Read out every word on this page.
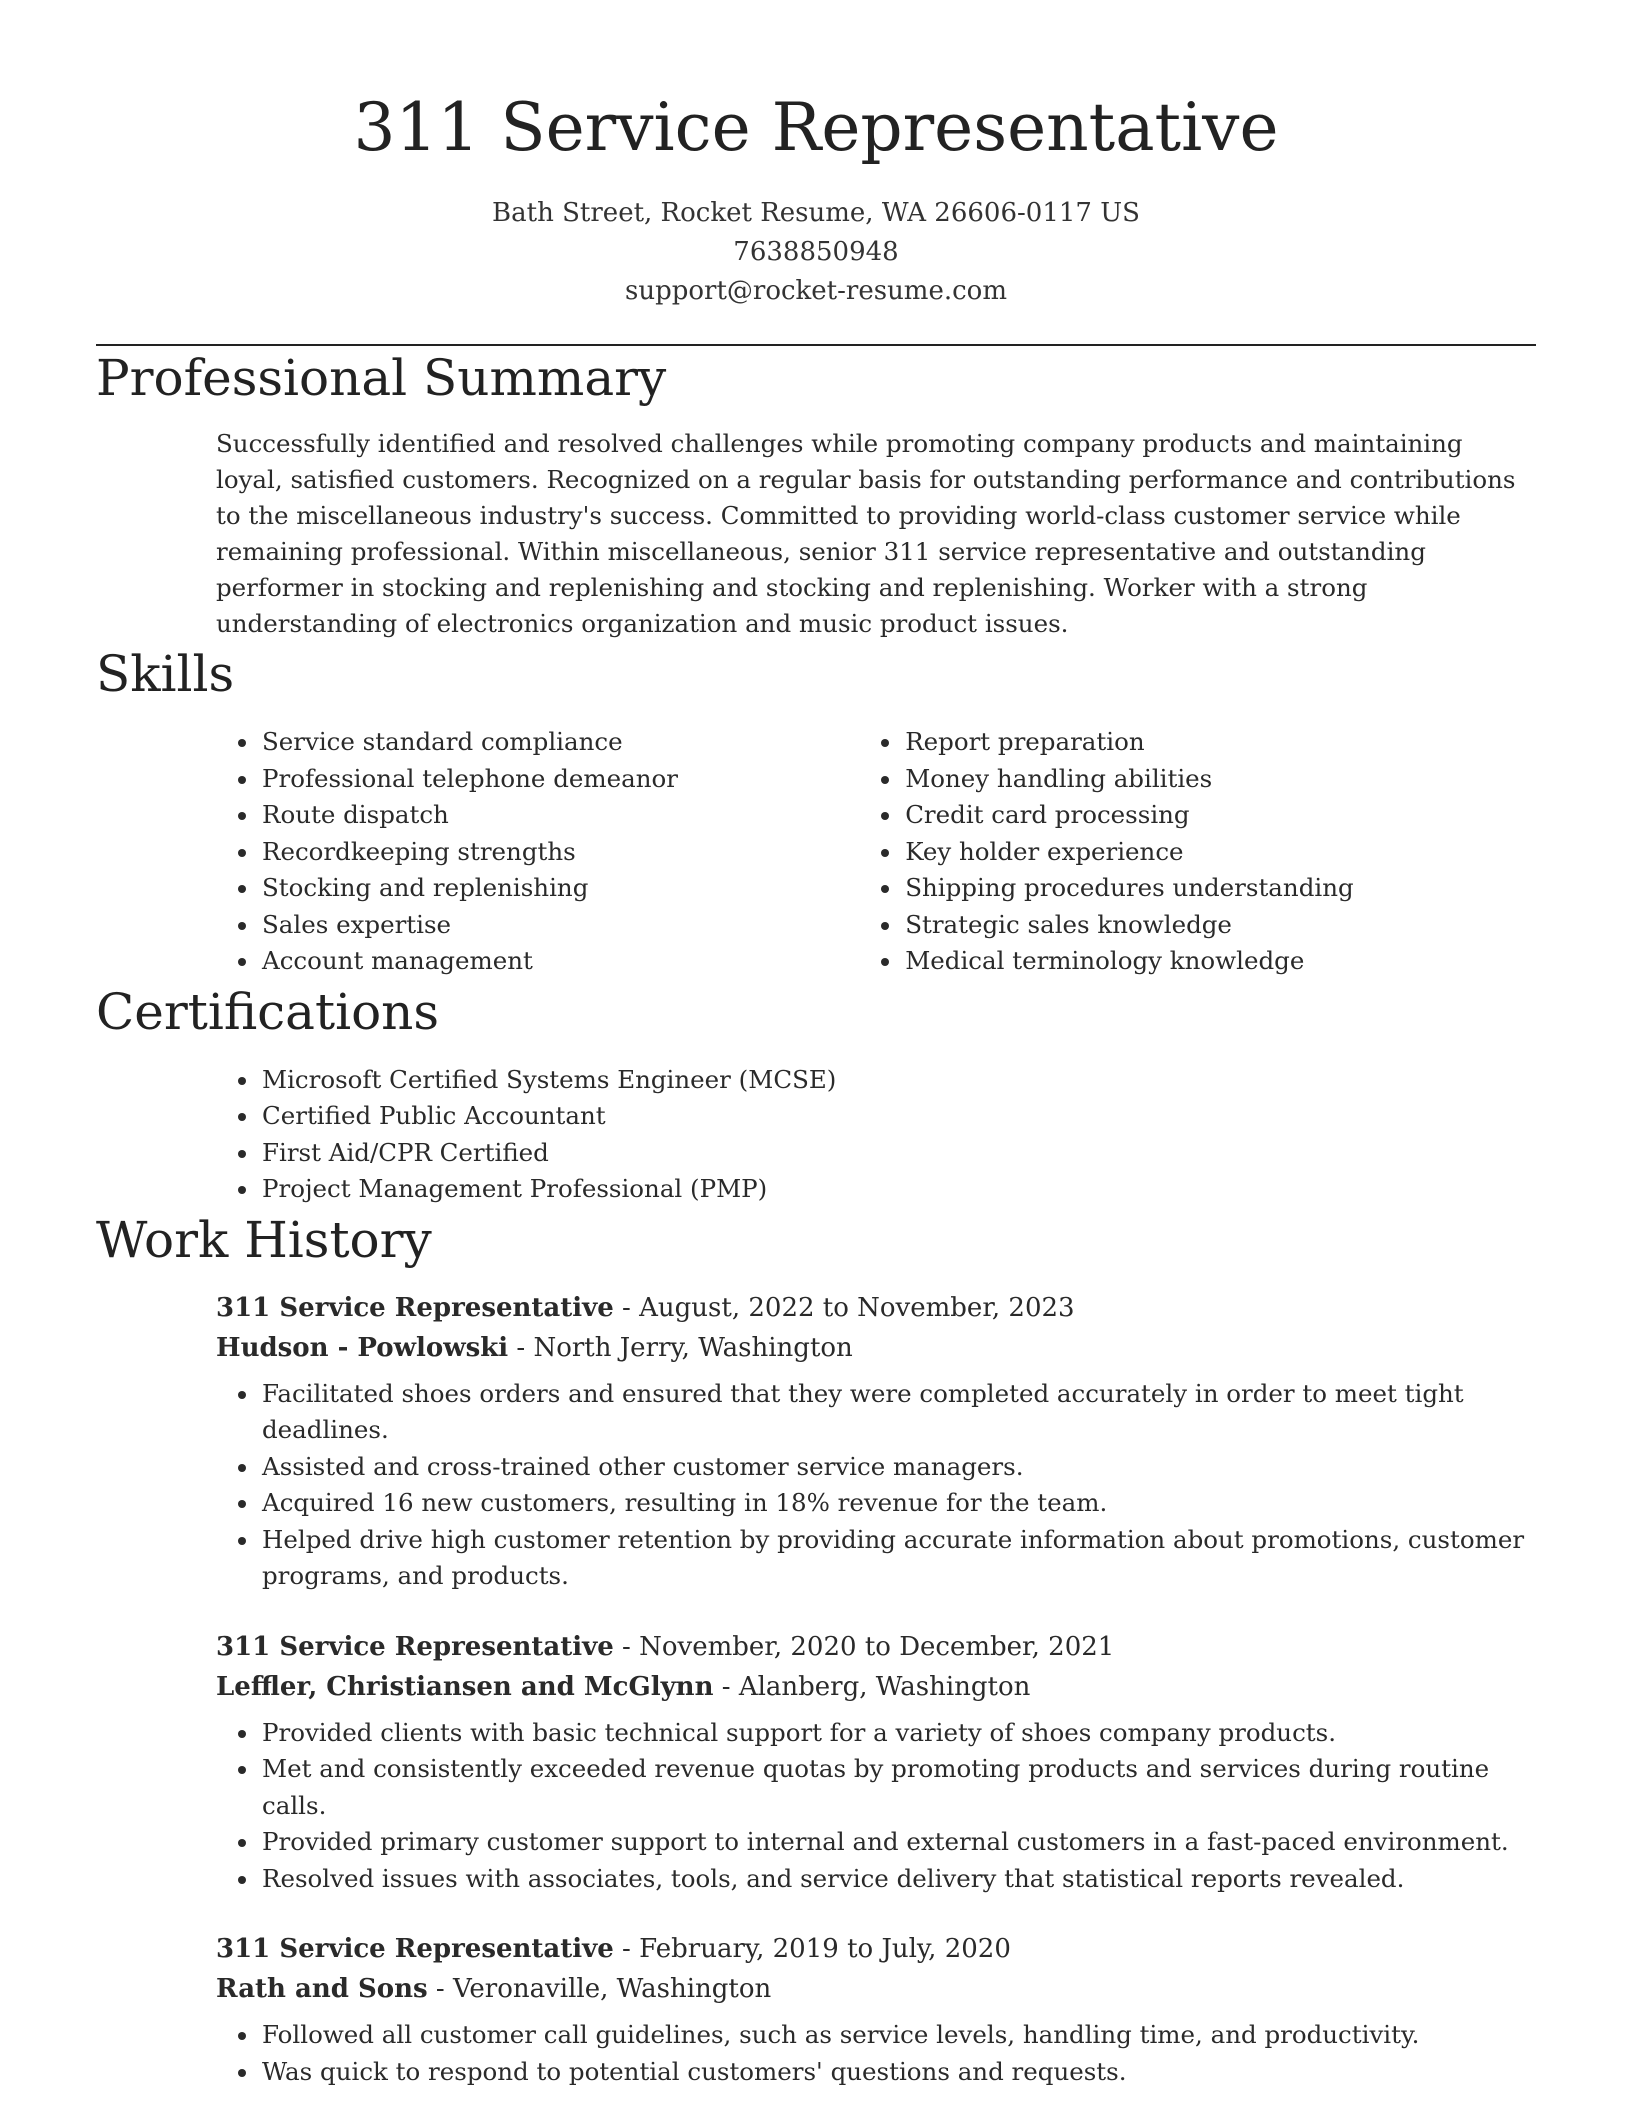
311 Service Representative
Bath Street, Rocket Resume, WA 26606-0117 US
7638850948
support@rocket-resume.com
Professional Summary

Successfully identified and resolved challenges while promoting company products and maintaining loyal, satisfied customers. Recognized on a regular basis for outstanding performance and contributions to the miscellaneous industry's success. Committed to providing world-class customer service while remaining professional. Within miscellaneous, senior 311 service representative and outstanding performer in stocking and replenishing and stocking and replenishing. Worker with a strong understanding of electronics organization and music product issues.

Skills
• Service standard compliance
• Professional telephone demeanor
• Route dispatch
• Recordkeeping strengths
• Stocking and replenishing
• Sales expertise
• Account management
• Report preparation
• Money handling abilities
• Credit card processing
• Key holder experience
• Shipping procedures understanding
• Strategic sales knowledge
• Medical terminology knowledge
Certifications
• Microsoft Certified Systems Engineer (MCSE)
• Certified Public Accountant
• First Aid/CPR Certified
• Project Management Professional (PMP)
Work History
311 Service Representative - August, 2022 to November, 2023
Hudson - Powlowski - North Jerry, Washington
• Facilitated shoes orders and ensured that they were completed accurately in order to meet tight deadlines.
• Assisted and cross-trained other customer service managers.
• Acquired 16 new customers, resulting in 18% revenue for the team.
• Helped drive high customer retention by providing accurate information about promotions, customer programs, and products.
311 Service Representative - November, 2020 to December, 2021
Leffler, Christiansen and McGlynn - Alanberg, Washington
• Provided clients with basic technical support for a variety of shoes company products.
• Met and consistently exceeded revenue quotas by promoting products and services during routine calls.
• Provided primary customer support to internal and external customers in a fast-paced environment.
• Resolved issues with associates, tools, and service delivery that statistical reports revealed.
311 Service Representative - February, 2019 to July, 2020
Rath and Sons - Veronaville, Washington
• Followed all customer call guidelines, such as service levels, handling time, and productivity.
• Was quick to respond to potential customers' questions and requests.
